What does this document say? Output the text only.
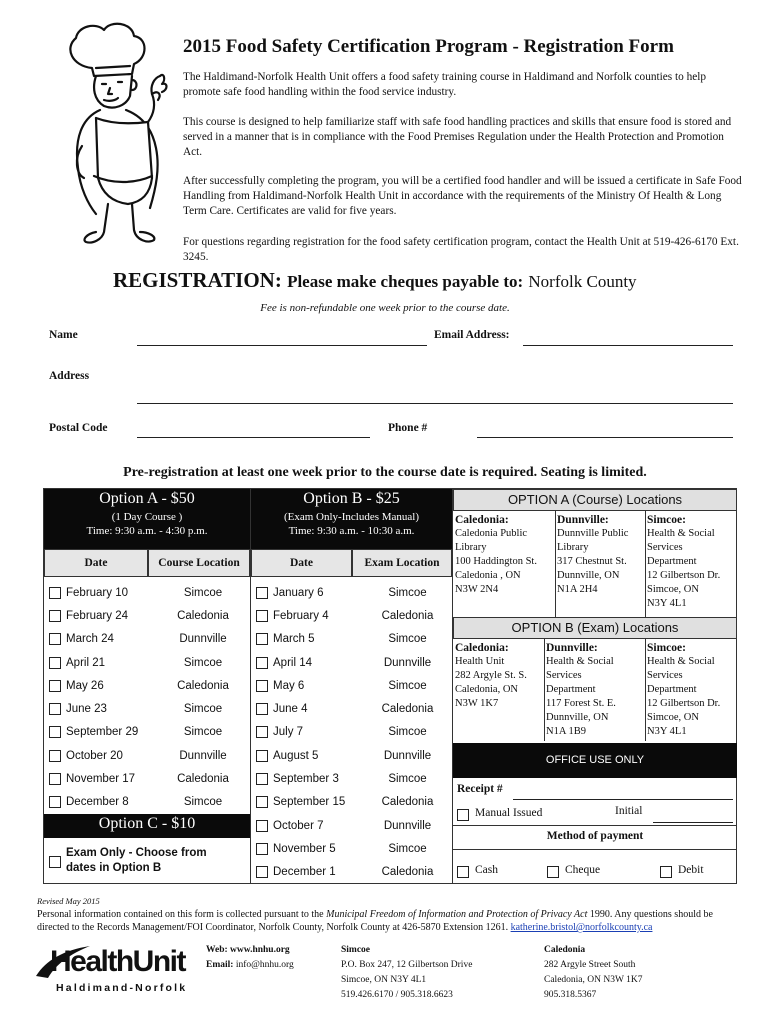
2015 Food Safety Certification Program - Registration Form
The Haldimand-Norfolk Health Unit offers a food safety training course in Haldimand and Norfolk counties to help promote safe food handling within the food service industry.
This course is designed to help familiarize staff with safe food handling practices and skills that ensure food is stored and served in a manner that is in compliance with the Food Premises Regulation under the Health Protection and Promotion Act.
After successfully completing the program, you will be a certified food handler and will be issued a certificate in Safe Food Handling from Haldimand-Norfolk Health Unit in accordance with the requirements of the Ministry Of Health & Long Term Care. Certificates are valid for five years.
For questions regarding registration for the food safety certification program, contact the Health Unit at 519-426-6170 Ext. 3245.
REGISTRATION: Please make cheques payable to: Norfolk County
Fee is non-refundable one week prior to the course date.
Name	Email Address:
Address
Postal Code	Phone #
Pre-registration at least one week prior to the course date is required. Seating is limited.
Option A - $50
(1 Day Course )
Time: 9:30 a.m. - 4:30 p.m.
Option B - $25
(Exam Only-Includes Manual)
Time: 9:30 a.m. - 10:30 a.m.
Date	Course Location	Date	Exam Location
February 10	Simcoe
February 24	Caledonia
March 24	Dunnville
April 21	Simcoe
May 26	Caledonia
June 23	Simcoe
September 29	Simcoe
October 20	Dunnville
November 17	Caledonia
December 8	Simcoe
January 6	Simcoe
February 4	Caledonia
March 5	Simcoe
April 14	Dunnville
May 6	Simcoe
June 4	Caledonia
July 7	Simcoe
August 5	Dunnville
September 3	Simcoe
September 15	Caledonia
October 7	Dunnville
November 5	Simcoe
December 1	Caledonia
Option C - $10
Exam Only - Choose from
dates in Option B
OPTION A (Course) Locations
Caledonia:
Caledonia Public
Library
100 Haddington St.
Caledonia , ON
N3W 2N4
Dunnville:
Dunnville Public
Library
317 Chestnut St.
Dunnville, ON
N1A 2H4
Simcoe:
Health & Social
Services
Department
12 Gilbertson Dr.
Simcoe, ON
N3Y 4L1
OPTION B (Exam) Locations
Caledonia:
Health Unit
282 Argyle St. S.
Caledonia, ON
N3W 1K7
Dunnville:
Health & Social
Services
Department
117 Forest St. E.
Dunnville, ON
N1A 1B9
Simcoe:
Health & Social
Services
Department
12 Gilbertson Dr.
Simcoe, ON
N3Y 4L1
OFFICE USE ONLY
Receipt #
Manual Issued	Initial
Method of payment
Cash	Cheque	Debit
Revised May 2015
Personal information contained on this form is collected pursuant to the Municipal Freedom of Information and Protection of Privacy Act 1990. Any questions should be directed to the Records Management/FOI Coordinator, Norfolk County, Norfolk County at 426-5870 Extension 1261. katherine.bristol@norfolkcounty.ca
HealthUnit
Haldimand-Norfolk
Web: www.hnhu.org
Email: info@hnhu.org
Simcoe
P.O. Box 247, 12 Gilbertson Drive
Simcoe, ON N3Y 4L1
519.426.6170 / 905.318.6623
Caledonia
282 Argyle Street South
Caledonia, ON N3W 1K7
905.318.5367
